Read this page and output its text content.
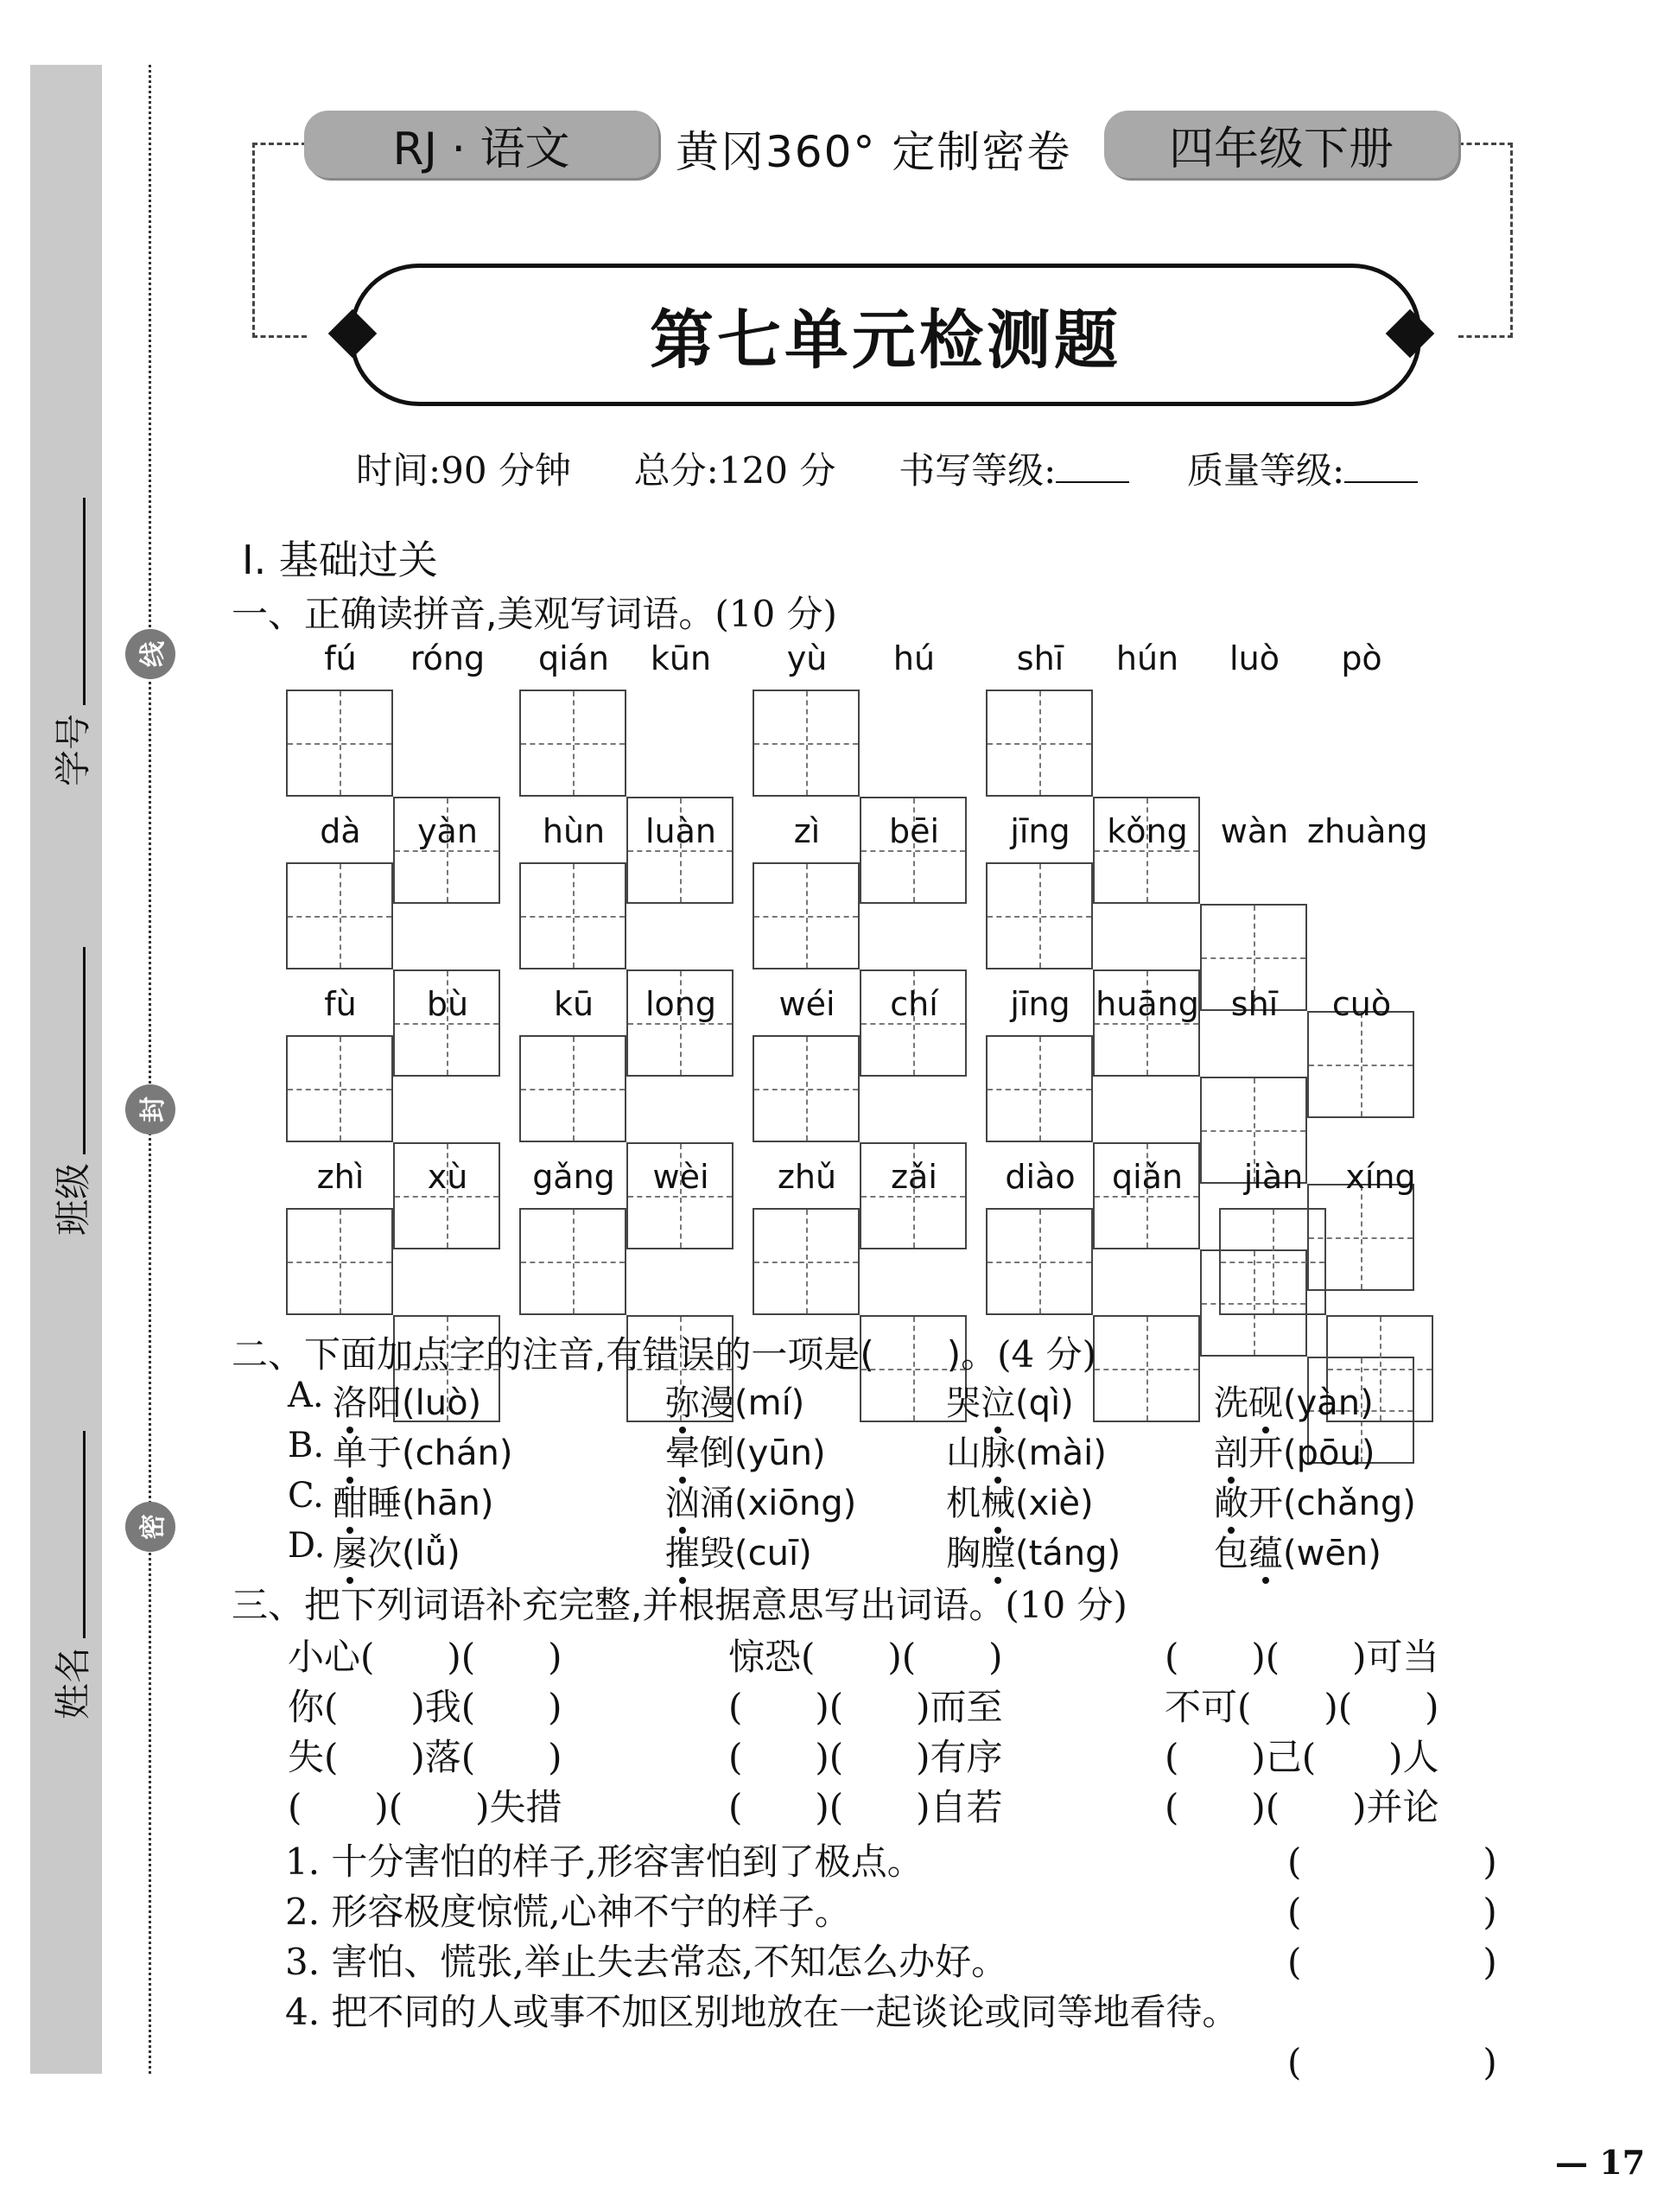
学号
班级
姓名
线
封
密
RJ · 语文	黄冈360° 定制密卷	四年级下册
第七单元检测题
时间:90 分钟 总分:120 分 书写等级:	质量等级:
Ⅰ. 基础过关
一、正确读拼音,美观写词语。(10 分)
fú	róng	qián	kūn	yù	hú	shī	hún	luò	pò
dà	yàn	hùn	luàn	zì	bēi	jīng	kǒng	wàn zhuàng
fù	bù	kū	long	wéi	chí	jīng huāng shī	cuò
zhì	xù	gǎng	wèi	zhǔ	zǎi	diào	qiǎn	jiàn	xíng
二、下面加点字的注音,有错误的一项是(　　)。(4 分)
A. 洛阳(luò)	弥漫(mí)	哭泣(qì)	洗砚(yàn)
B. 单于(chán)	晕倒(yūn)	山脉(mài)	剖开(pōu)
C. 酣睡(hān)	汹涌(xiōng)	机械(xiè)	敞开(chǎng)
D. 屡次(lǚ)	摧毁(cuī)	胸膛(táng)	包蕴(wēn)
三、把下列词语补充完整,并根据意思写出词语。(10 分)
小心(　　)(　　)	惊恐(　　)(　　)	(　　)(　　)可当
你(　　)我(　　)	(　　)(　　)而至	不可(　　)(　　)
失(　　)落(　　)	(　　)(　　)有序	(　　)己(　　)人
(　　)(　　)失措	(　　)(　　)自若	(　　)(　　)并论
1. 十分害怕的样子,形容害怕到了极点。	(　　　　　)
2. 形容极度惊慌,心神不宁的样子。	(　　　　　)
3. 害怕、慌张,举止失去常态,不知怎么办好。	(　　　　　)
4. 把不同的人或事不加区别地放在一起谈论或同等地看待。
(　　　　　)
— 17
